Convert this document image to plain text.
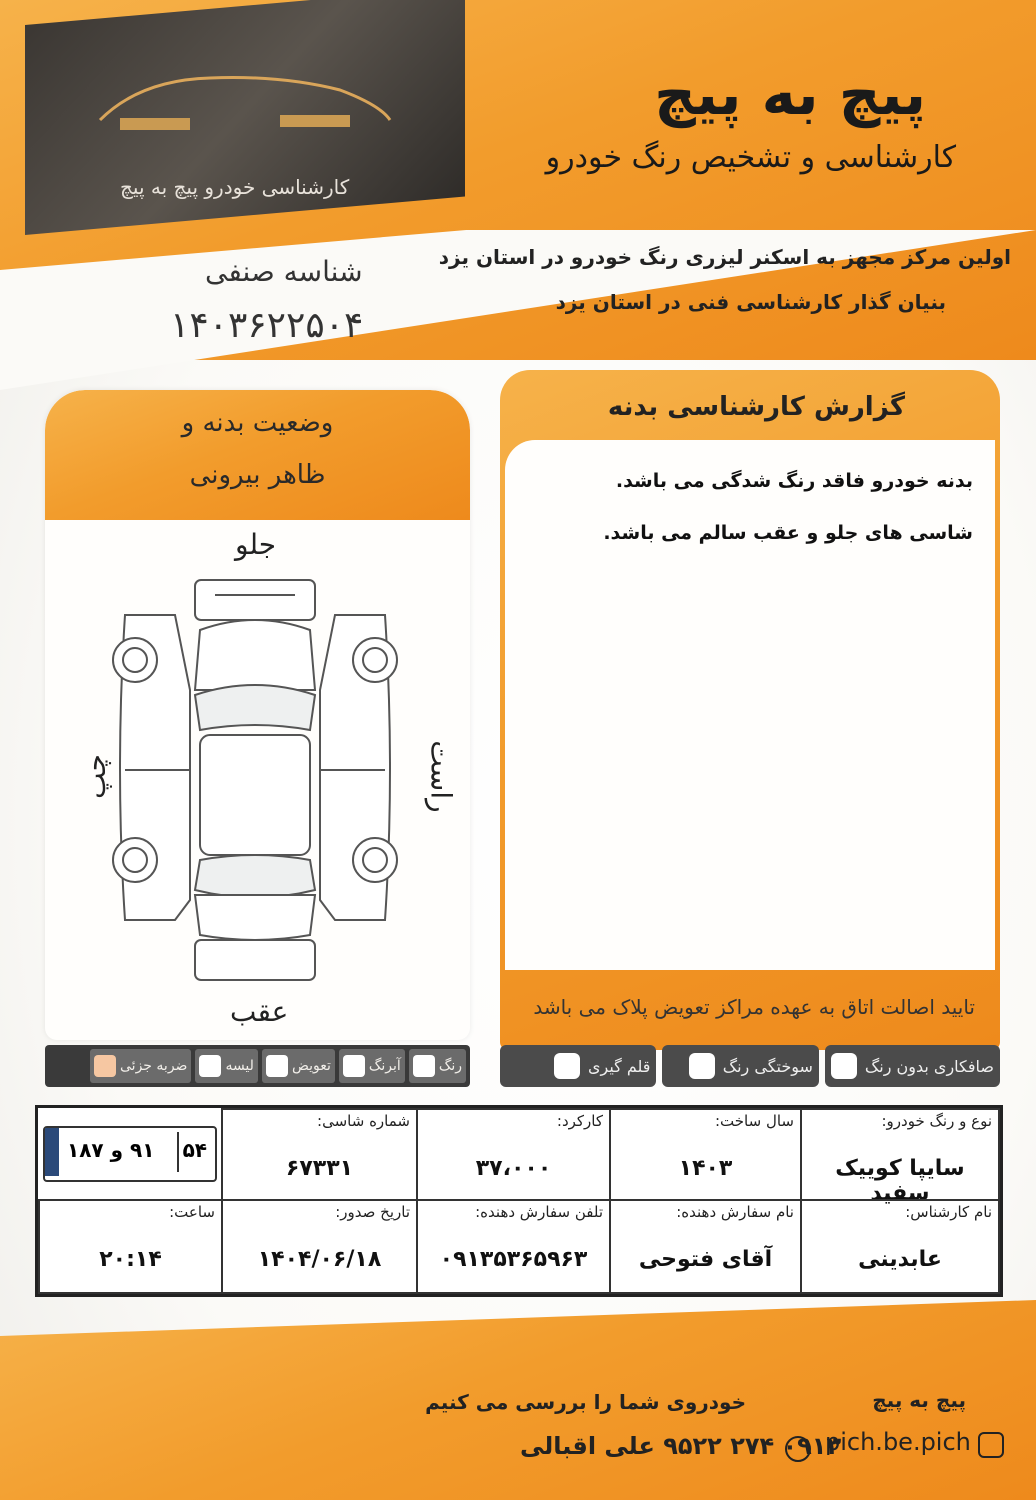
کارشناسی خودرو پیچ به پیچ
پیچ به پیچ
کارشناسی و تشخیص رنگ خودرو
اولین مرکز مجهز به اسکنر لیزری رنگ خودرو در استان یزد
بنیان گذار کارشناسی فنی در استان یزد
شناسه صنفی
۱۴۰۳۶۲۲۵۰۴
وضعیت بدنه و
ظاهر بیرونی
جلو
عقب
چپ	راست
گزارش کارشناسی بدنه
بدنه خودرو فاقد رنگ شدگی می باشد.
شاسی های جلو و عقب سالم می باشد.
تایید اصالت اتاق به عهده مراکز تعویض پلاک می باشد
رنگ
آبرنگ
تعویض
لیسه
ضربه جزئی	صافکاری بدون رنگ
سوختگی رنگ
قلم گیری
نوع و رنگ خودرو:
سایپا کوییک سفید
سال ساخت:
۱۴۰۳
کارکرد:
۳۷،۰۰۰
شماره شاسی:
۶۷۳۳۱
۹۱ و ۱۸۷ ۵۴
نام کارشناس:
عابدینی
نام سفارش دهنده:
آقای فتوحی
تلفن سفارش دهنده:
۰۹۱۳۵۳۶۵۹۶۳
تاریخ صدور:
۱۴۰۴/۰۶/۱۸
ساعت:
۲۰:۱۴
پیچ به پیچ
خودروی شما را بررسی می کنیم
۰۹۱۳ ۲۷۴ ۹۵۲۲ علی اقبالی
pich.be.pich
